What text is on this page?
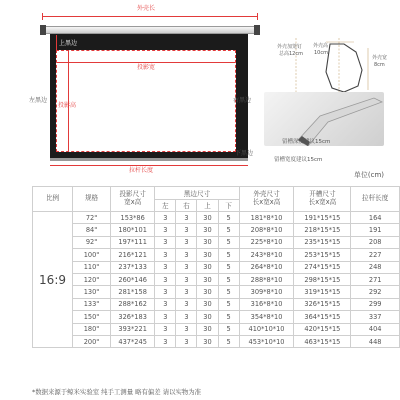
外壳长
上黑边
投影宽
投影高
左黑边	右黑边
下黑边
拉杆长度
外壳加笼钉
总高12cm
外壳高
10cm
外壳宽
8cm
留槽深度建议15cm
留槽宽度建议15cm
单位(cm)
比例	规格	投影尺寸
宽x高	黑边尺寸				外壳尺寸
长x宽x高	开槽尺寸
长x宽x高	拉杆长度
			左	右	上	下			
16:9	72"	153*86	3	3	30	5	181*8*10	191*15*15	164
	84"	180*101	3	3	30	5	208*8*10	218*15*15	191
	92"	197*111	3	3	30	5	225*8*10	235*15*15	208
	100"	216*121	3	3	30	5	243*8*10	253*15*15	227
	110"	237*133	3	3	30	5	264*8*10	274*15*15	248
	120"	260*146	3	3	30	5	288*8*10	298*15*15	271
	130"	281*158	3	3	30	5	309*8*10	319*15*15	292
	133"	288*162	3	3	30	5	316*8*10	326*15*15	299
	150"	326*183	3	3	30	5	354*8*10	364*15*15	337
	180"	393*221	3	3	30	5	410*10*10	420*15*15	404
	200"	437*245	3	3	30	5	453*10*10	463*15*15	448
*数据来源于鲸米实验室 纯手工测量 略有偏差 请以实物为准
